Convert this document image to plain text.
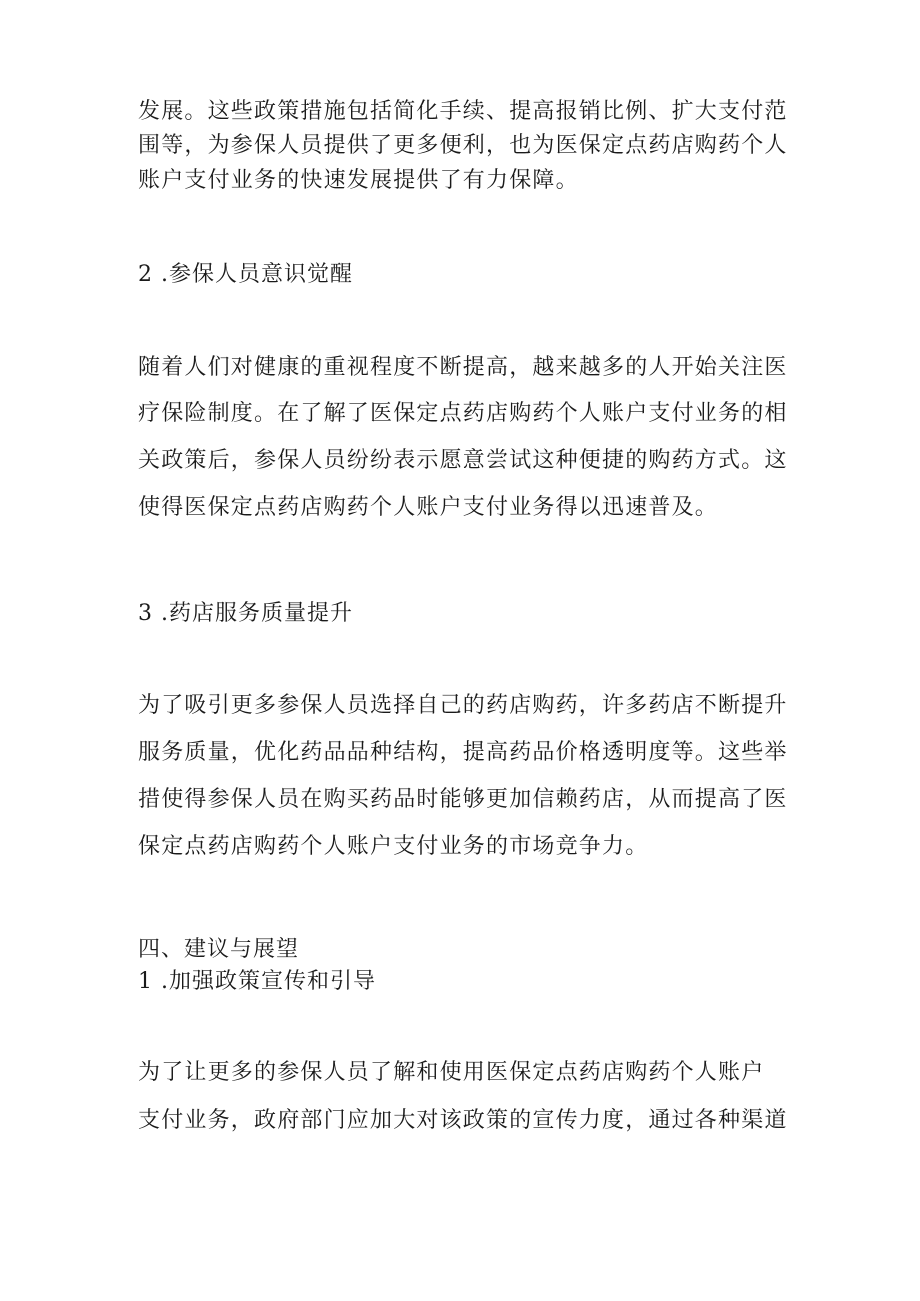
发展。这些政策措施包括简化手续、提高报销比例、扩大支付范
围等，为参保人员提供了更多便利，也为医保定点药店购药个人
账户支付业务的快速发展提供了有力保障。
2 .参保人员意识觉醒
随着人们对健康的重视程度不断提高，越来越多的人开始关注医
疗保险制度。在了解了医保定点药店购药个人账户支付业务的相
关政策后，参保人员纷纷表示愿意尝试这种便捷的购药方式。这
使得医保定点药店购药个人账户支付业务得以迅速普及。
3 .药店服务质量提升
为了吸引更多参保人员选择自己的药店购药，许多药店不断提升
服务质量，优化药品品种结构，提高药品价格透明度等。这些举
措使得参保人员在购买药品时能够更加信赖药店，从而提高了医
保定点药店购药个人账户支付业务的市场竞争力。
四、建议与展望
1 .加强政策宣传和引导
为了让更多的参保人员了解和使用医保定点药店购药个人账户
支付业务，政府部门应加大对该政策的宣传力度，通过各种渠道
